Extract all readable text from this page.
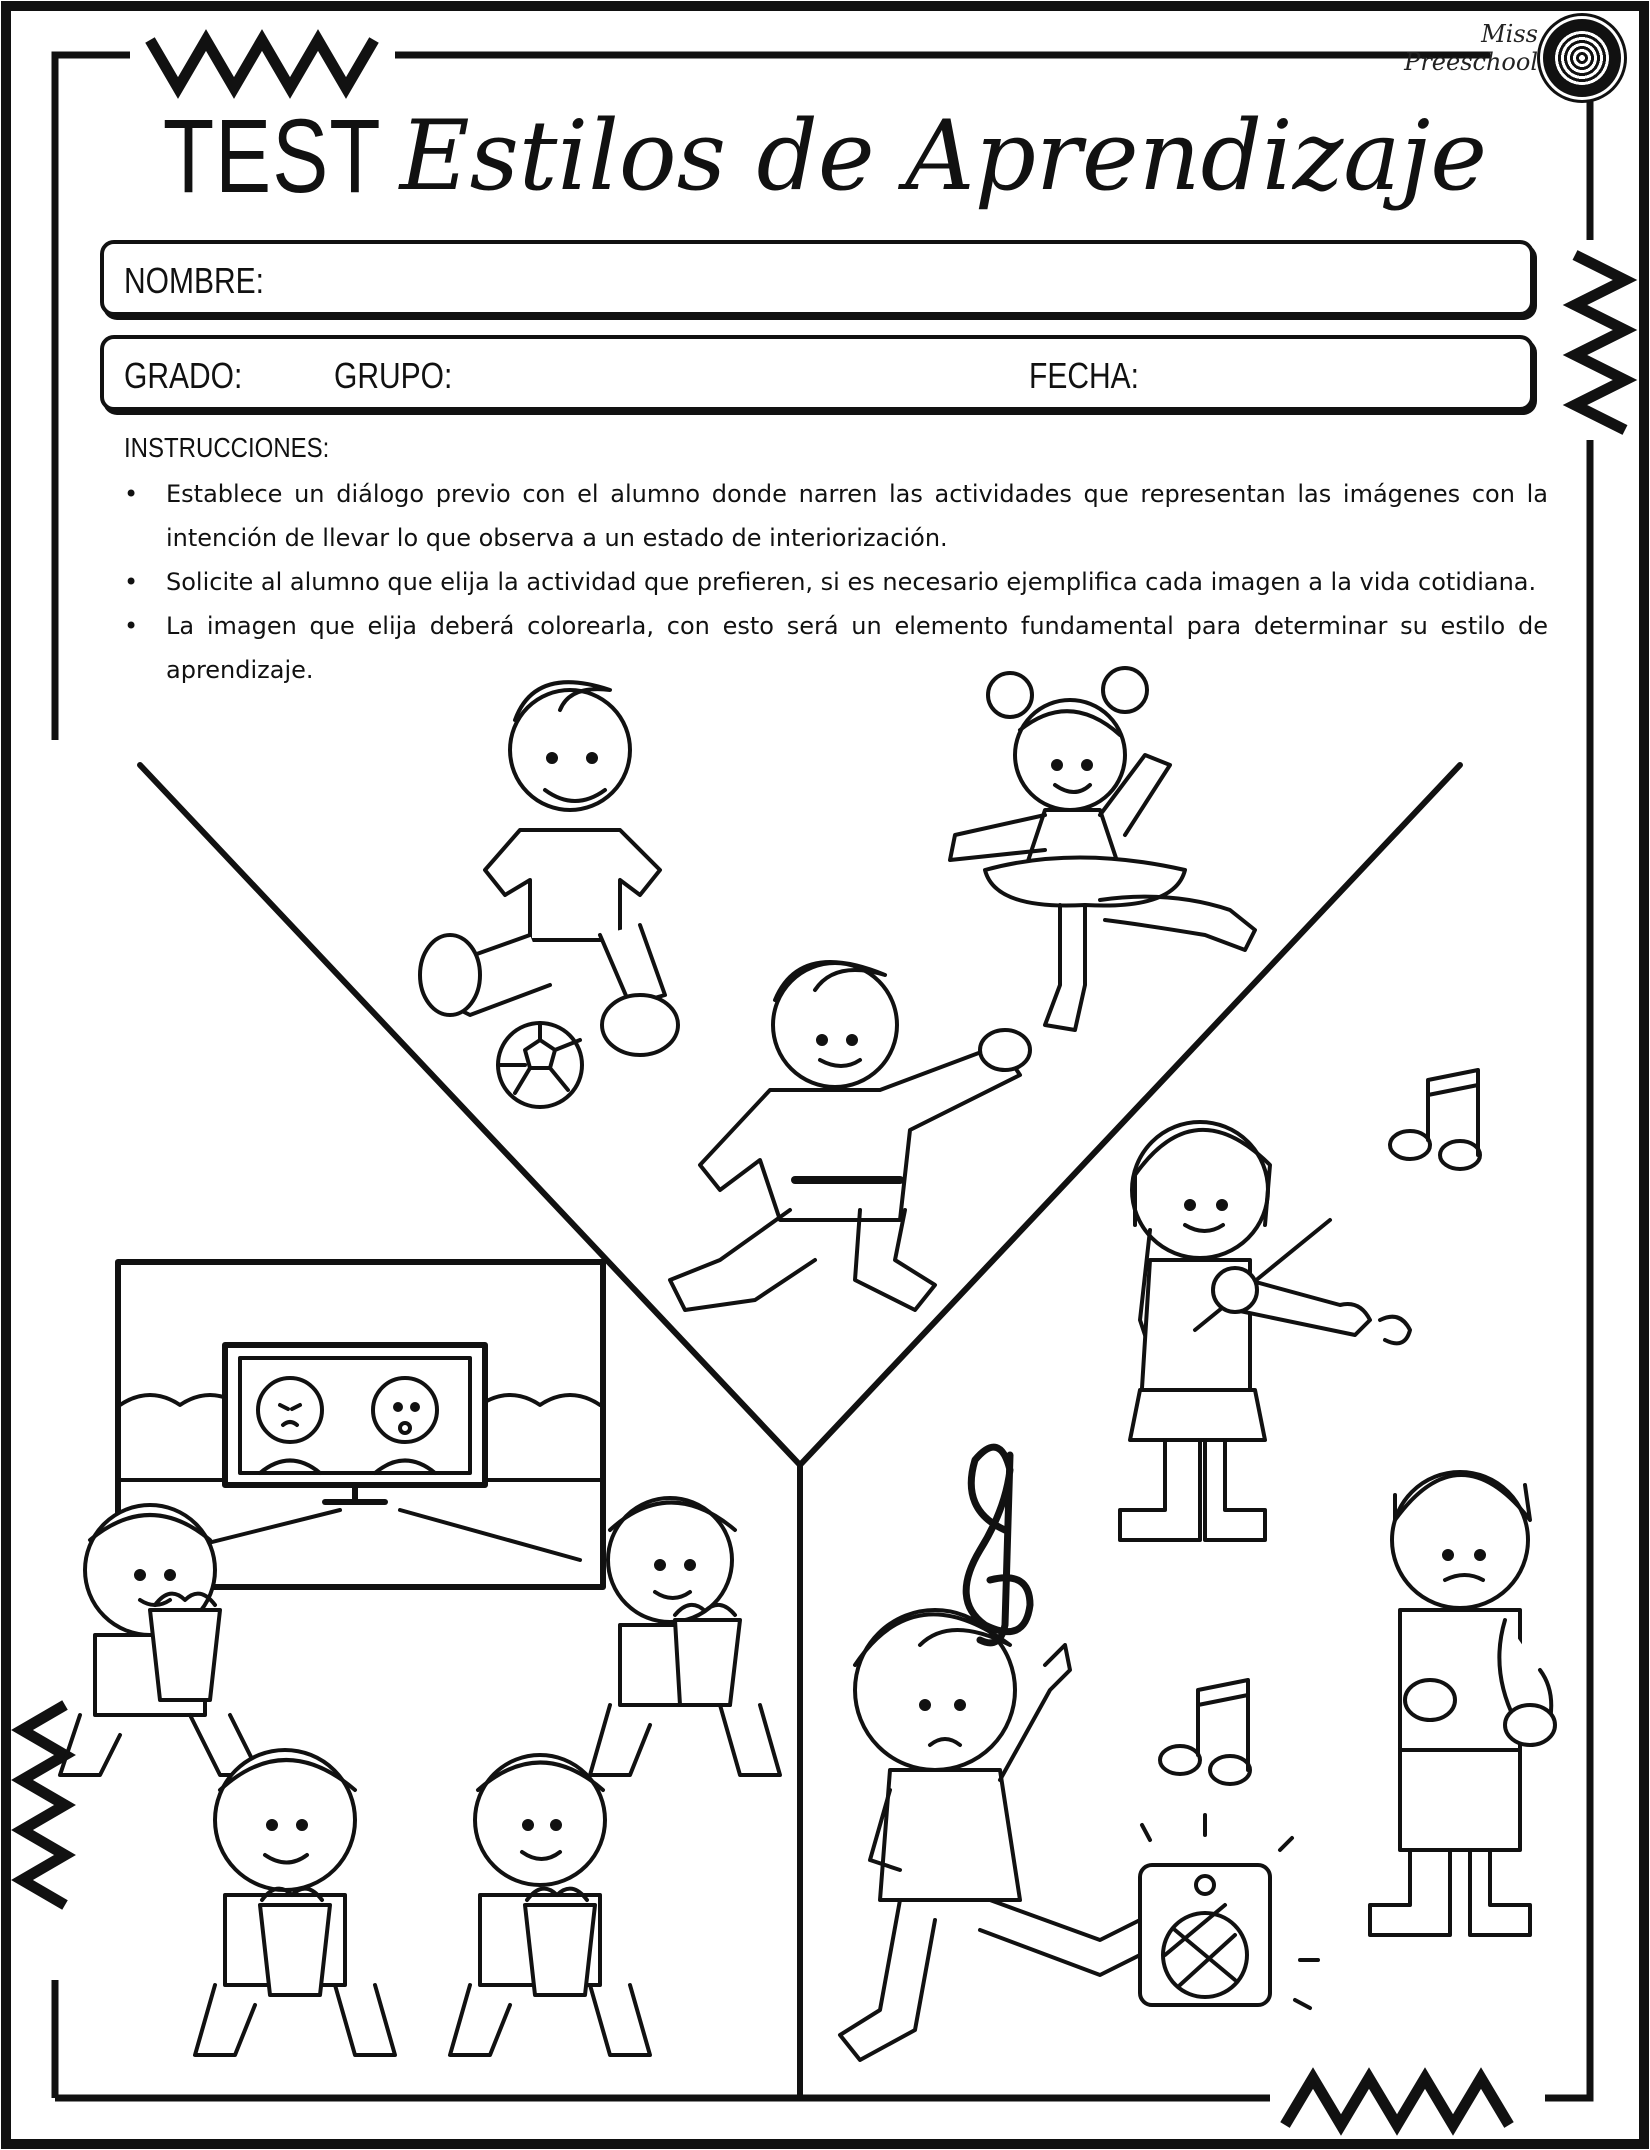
Miss Preeschool
TEST Estilos de Aprendizaje
NOMBRE:
GRADO:	GRUPO:	FECHA:
INSTRUCCIONES:
• Establece un diálogo previo con el alumno donde narren las actividades que representan las imágenes con la intención de llevar lo que observa a un estado de interiorización.
• Solicite al alumno que elija la actividad que prefieren, si es necesario ejemplifica cada imagen a la vida cotidiana.
• La imagen que elija deberá colorearla, con esto será un elemento fundamental para determinar su estilo de aprendizaje.
